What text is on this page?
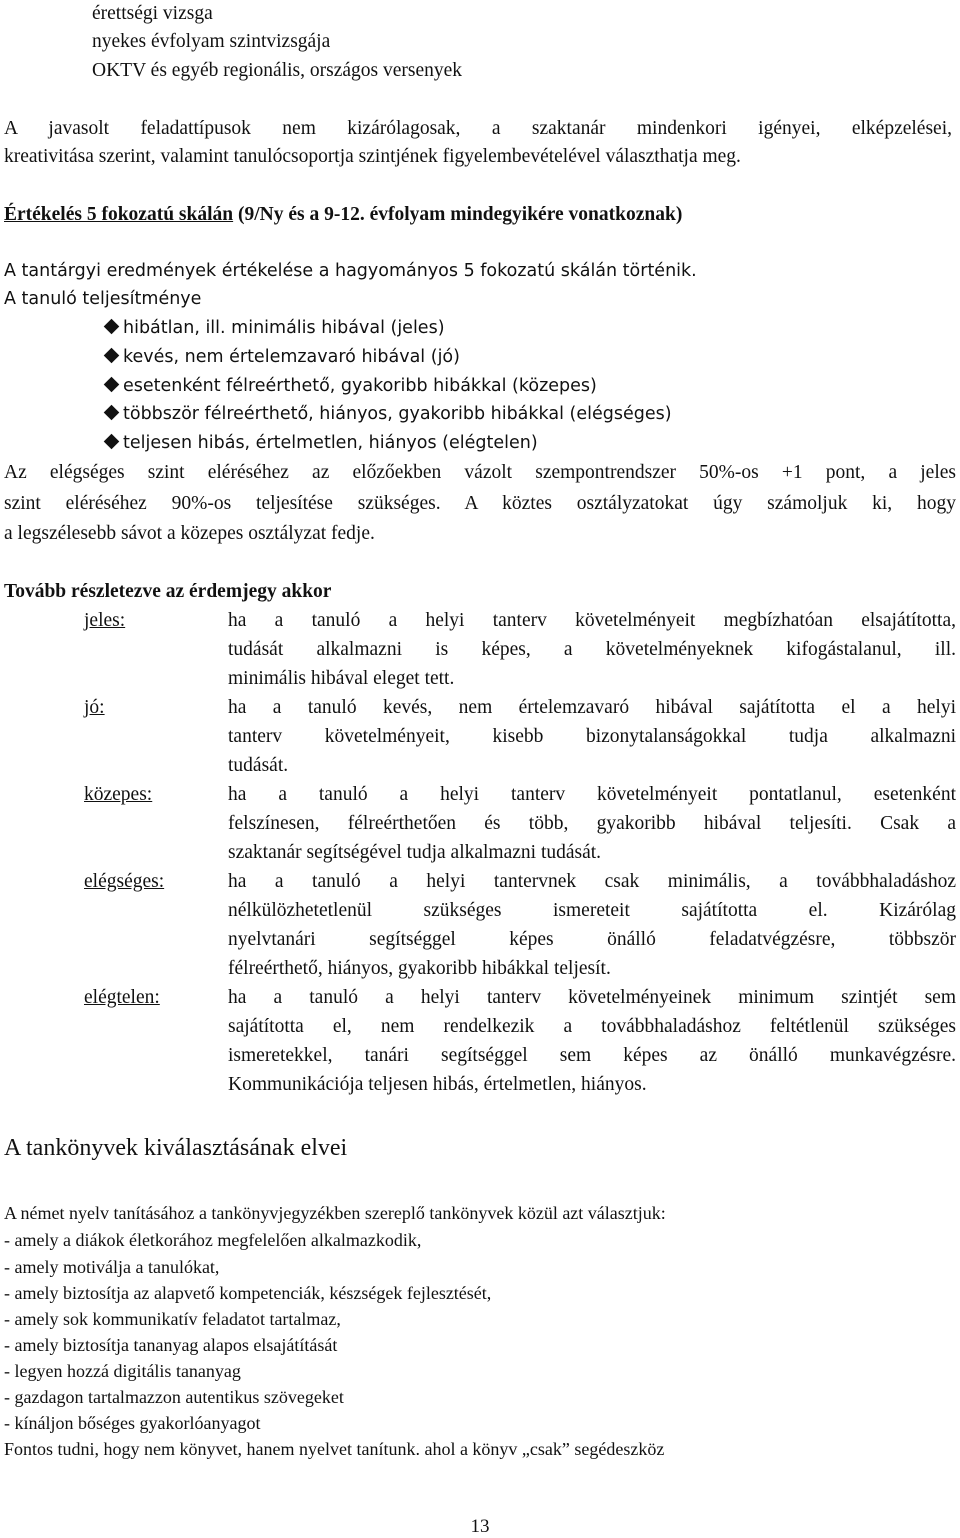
érettségi vizsga
nyekes évfolyam szintvizsgája
OKTV és egyéb regionális, országos versenyek
A javasolt feladattípusok nem kizárólagosak, a szaktanár mindenkori igényei, elképzelései,
kreativitása szerint, valamint tanulócsoportja szintjének figyelembevételével választhatja meg.
Értékelés 5 fokozatú skálán (9/Ny és a 9-12. évfolyam mindegyikére vonatkoznak)
A tantárgyi eredmények értékelése a hagyományos 5 fokozatú skálán történik.
A tanuló teljesítménye
hibátlan, ill. minimális hibával (jeles)
kevés, nem értelemzavaró hibával (jó)
esetenként félreérthető, gyakoribb hibákkal (közepes)
többször félreérthető, hiányos, gyakoribb hibákkal (elégséges)
teljesen hibás, értelmetlen, hiányos (elégtelen)
Az elégséges szint eléréséhez az előzőekben vázolt szempontrendszer 50%-os +1 pont, a jeles
szint eléréséhez 90%-os teljesítése szükséges. A köztes osztályzatokat úgy számoljuk ki, hogy
a legszélesebb sávot a közepes osztályzat fedje.
Tovább részletezve az érdemjegy akkor
jeles:	ha a tanuló a helyi tanterv követelményeit megbízhatóan elsajátította,
tudását alkalmazni is képes, a követelményeknek kifogástalanul, ill.
minimális hibával eleget tett.
jó:	ha a tanuló kevés, nem értelemzavaró hibával sajátította el a helyi
tanterv követelményeit, kisebb bizonytalanságokkal tudja alkalmazni
tudását.
közepes:	ha a tanuló a helyi tanterv követelményeit pontatlanul, esetenként
felszínesen, félreérthetően és több, gyakoribb hibával teljesíti. Csak a
szaktanár segítségével tudja alkalmazni tudását.
elégséges:	ha a tanuló a helyi tantervnek csak minimális, a továbbhaladáshoz
nélkülözhetetlenül szükséges ismereteit sajátította el. Kizárólag
nyelvtanári segítséggel képes önálló feladatvégzésre, többször
félreérthető, hiányos, gyakoribb hibákkal teljesít.
elégtelen:	ha a tanuló a helyi tanterv követelményeinek minimum szintjét sem
sajátította el, nem rendelkezik a továbbhaladáshoz feltétlenül szükséges
ismeretekkel, tanári segítséggel sem képes az önálló munkavégzésre.
Kommunikációja teljesen hibás, értelmetlen, hiányos.
A tankönyvek kiválasztásának elvei
A német nyelv tanításához a tankönyvjegyzékben szereplő tankönyvek közül azt választjuk:
- amely a diákok életkorához megfelelően alkalmazkodik,
- amely motiválja a tanulókat,
- amely biztosítja az alapvető kompetenciák, készségek fejlesztését,
- amely sok kommunikatív feladatot tartalmaz,
- amely biztosítja tananyag alapos elsajátítását
- legyen hozzá digitális tananyag
- gazdagon tartalmazzon autentikus szövegeket
- kínáljon bőséges gyakorlóanyagot
Fontos tudni, hogy nem könyvet, hanem nyelvet tanítunk. ahol a könyv „csak” segédeszköz
13
